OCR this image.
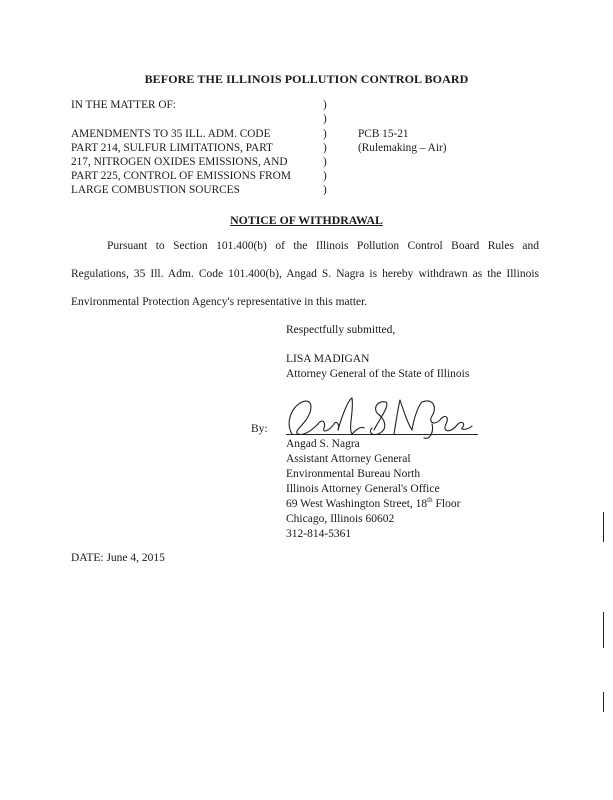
BEFORE THE ILLINOIS POLLUTION CONTROL BOARD
IN THE MATTER OF:
AMENDMENTS TO 35 ILL. ADM. CODE
PART 214, SULFUR LIMITATIONS, PART
217, NITROGEN OXIDES EMISSIONS, AND
PART 225, CONTROL OF EMISSIONS FROM
LARGE COMBUSTION SOURCES
)
)
)
)
)
)
)
PCB 15-21
(Rulemaking – Air)
NOTICE OF WITHDRAWAL
Pursuant to Section 101.400(b) of the Illinois Pollution Control Board Rules and
Regulations, 35 Ill. Adm. Code 101.400(b), Angad S. Nagra is hereby withdrawn as the Illinois
Environmental Protection Agency's representative in this matter.
Respectfully submitted,
LISA MADIGAN
Attorney General of the State of Illinois
By:
Angad S. Nagra
Assistant Attorney General
Environmental Bureau North
Illinois Attorney General's Office
69 West Washington Street, 18th Floor
Chicago, Illinois 60602
312-814-5361
DATE: June 4, 2015
